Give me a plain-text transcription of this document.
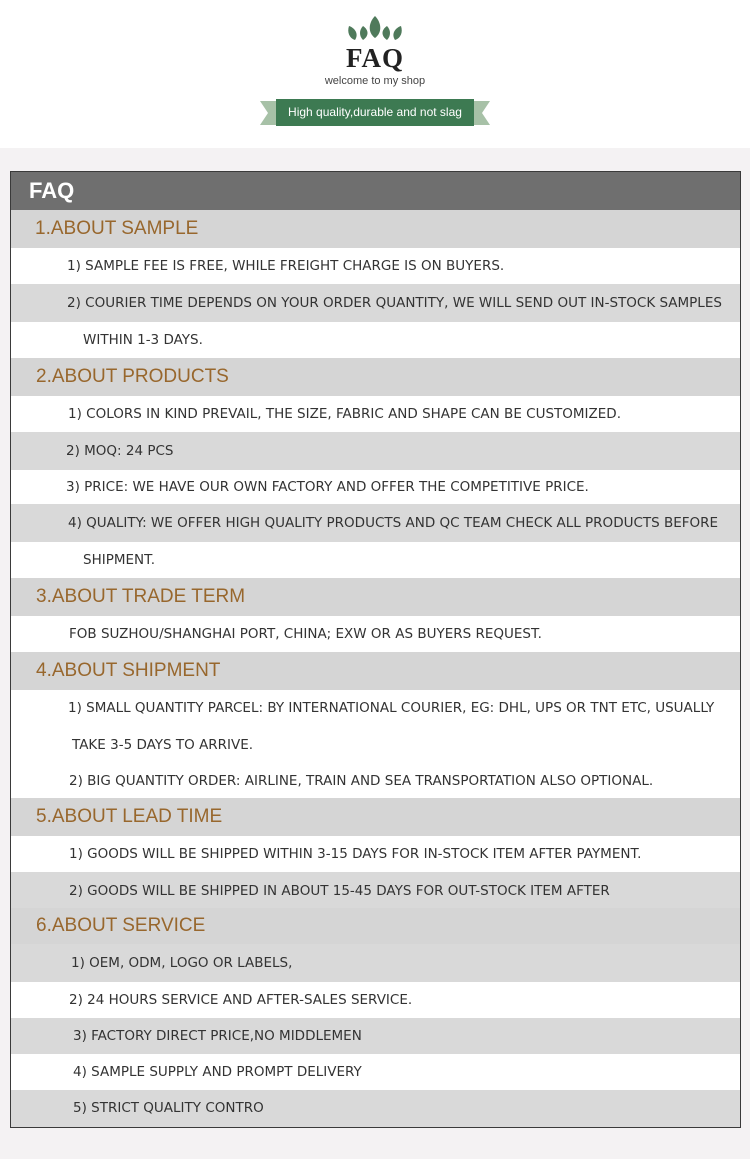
FAQ
welcome to my shop
High quality,durable and not slag
FAQ
1.ABOUT SAMPLE
1) SAMPLE FEE IS FREE, WHILE FREIGHT CHARGE IS ON BUYERS.
2) COURIER TIME DEPENDS ON YOUR ORDER QUANTITY, WE WILL SEND OUT IN-STOCK SAMPLES
WITHIN 1-3 DAYS.
2.ABOUT PRODUCTS
1) COLORS IN KIND PREVAIL, THE SIZE, FABRIC AND SHAPE CAN BE CUSTOMIZED.
2) MOQ: 24 PCS
3) PRICE: WE HAVE OUR OWN FACTORY AND OFFER THE COMPETITIVE PRICE.
4) QUALITY: WE OFFER HIGH QUALITY PRODUCTS AND QC TEAM CHECK ALL PRODUCTS BEFORE
SHIPMENT.
3.ABOUT TRADE TERM
FOB SUZHOU/SHANGHAI PORT, CHINA; EXW OR AS BUYERS REQUEST.
4.ABOUT SHIPMENT
1) SMALL QUANTITY PARCEL: BY INTERNATIONAL COURIER, EG: DHL, UPS OR TNT ETC, USUALLY
TAKE 3-5 DAYS TO ARRIVE.
2) BIG QUANTITY ORDER: AIRLINE, TRAIN AND SEA TRANSPORTATION ALSO OPTIONAL.
5.ABOUT LEAD TIME
1) GOODS WILL BE SHIPPED WITHIN 3-15 DAYS FOR IN-STOCK ITEM AFTER PAYMENT.
2) GOODS WILL BE SHIPPED IN ABOUT 15-45 DAYS FOR OUT-STOCK ITEM AFTER
6.ABOUT SERVICE
1) OEM, ODM, LOGO OR LABELS,
2) 24 HOURS SERVICE AND AFTER-SALES SERVICE.
3) FACTORY DIRECT PRICE,NO MIDDLEMEN
4) SAMPLE SUPPLY AND PROMPT DELIVERY
5) STRICT QUALITY CONTRO
